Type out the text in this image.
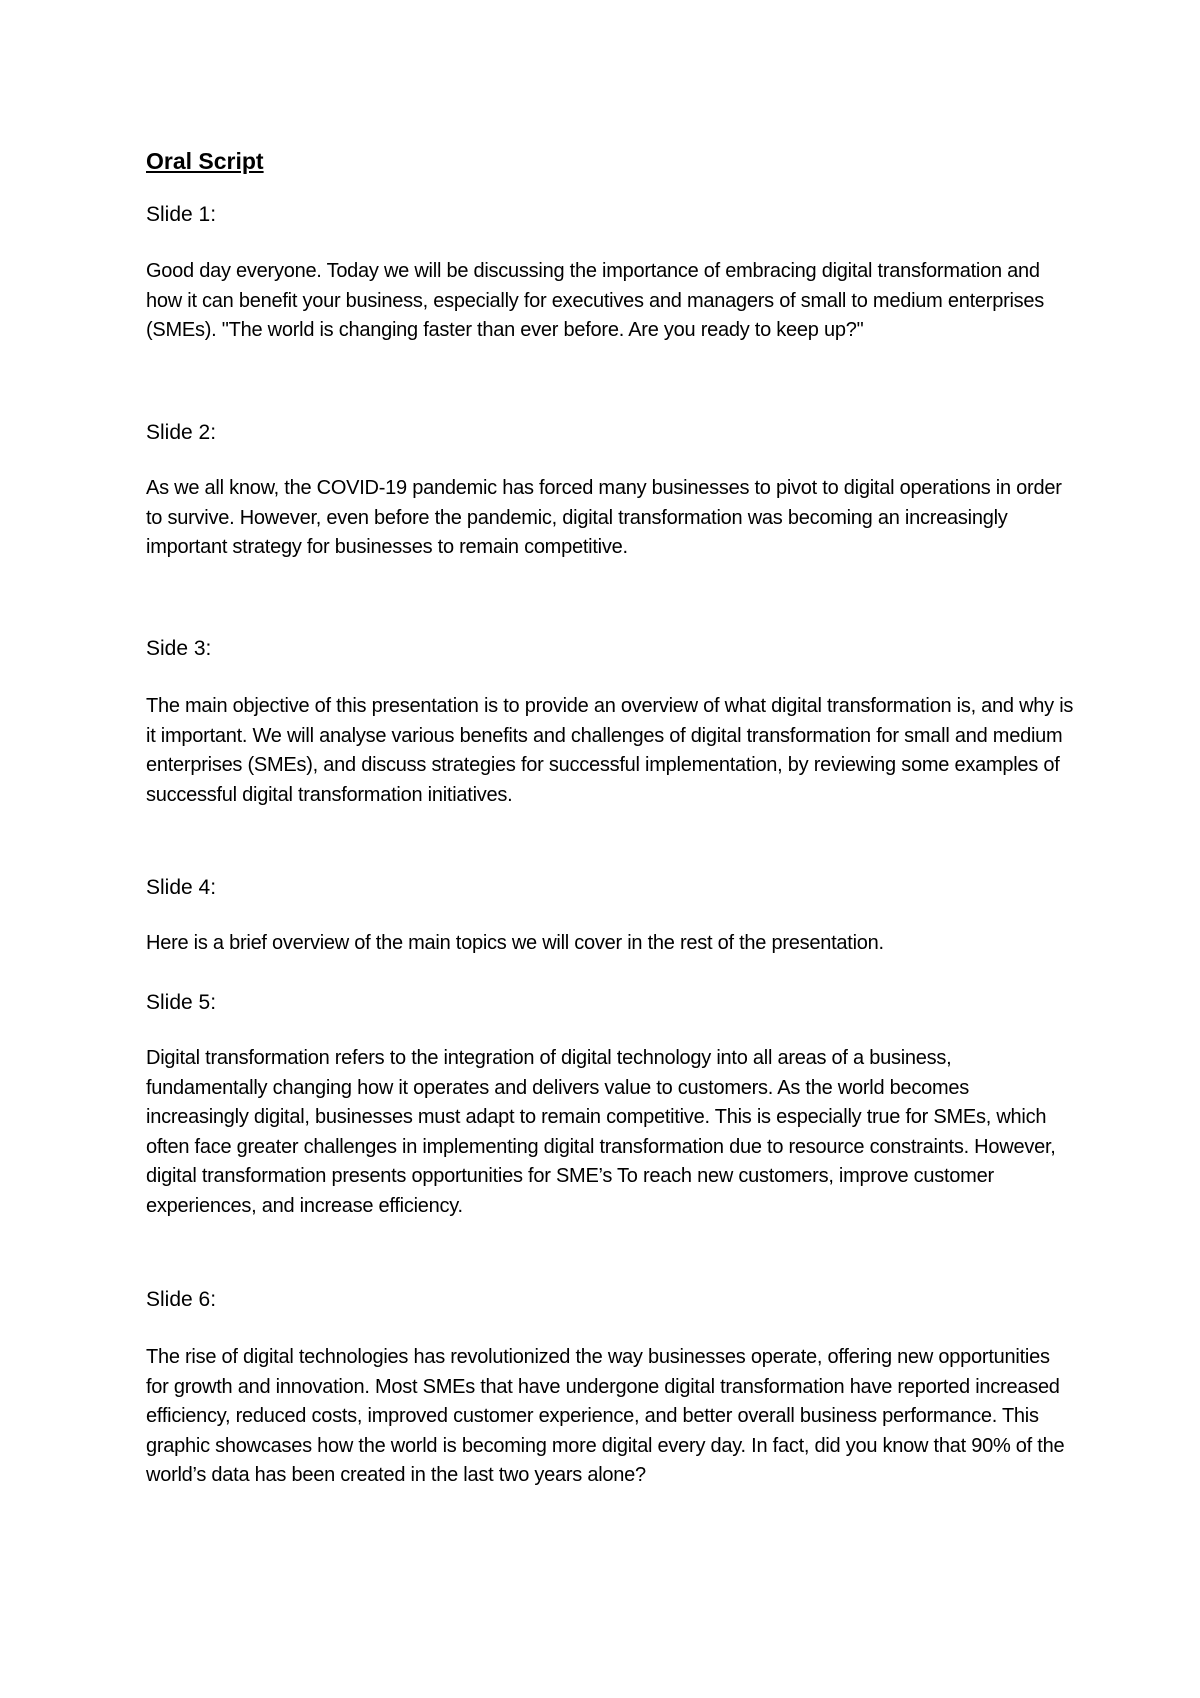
Oral Script
Slide 1:

Good day everyone. Today we will be discussing the importance of embracing digital transformation and how it can benefit your business, especially for executives and managers of small to medium enterprises (SMEs). "The world is changing faster than ever before. Are you ready to keep up?"

Slide 2:

As we all know, the COVID-19 pandemic has forced many businesses to pivot to digital operations in order to survive. However, even before the pandemic, digital transformation was becoming an increasingly important strategy for businesses to remain competitive.

Side 3:

The main objective of this presentation is to provide an overview of what digital transformation is, and why is it important. We will analyse various benefits and challenges of digital transformation for small and medium enterprises (SMEs), and discuss strategies for successful implementation, by reviewing some examples of successful digital transformation initiatives.

Slide 4:

Here is a brief overview of the main topics we will cover in the rest of the presentation.

Slide 5:

Digital transformation refers to the integration of digital technology into all areas of a business, fundamentally changing how it operates and delivers value to customers. As the world becomes increasingly digital, businesses must adapt to remain competitive. This is especially true for SMEs, which often face greater challenges in implementing digital transformation due to resource constraints. However, digital transformation presents opportunities for SME’s To reach new customers, improve customer experiences, and increase efficiency.

Slide 6:

The rise of digital technologies has revolutionized the way businesses operate, offering new opportunities for growth and innovation. Most SMEs that have undergone digital transformation have reported increased efficiency, reduced costs, improved customer experience, and better overall business performance. This graphic showcases how the world is becoming more digital every day. In fact, did you know that 90% of the world’s data has been created in the last two years alone?
